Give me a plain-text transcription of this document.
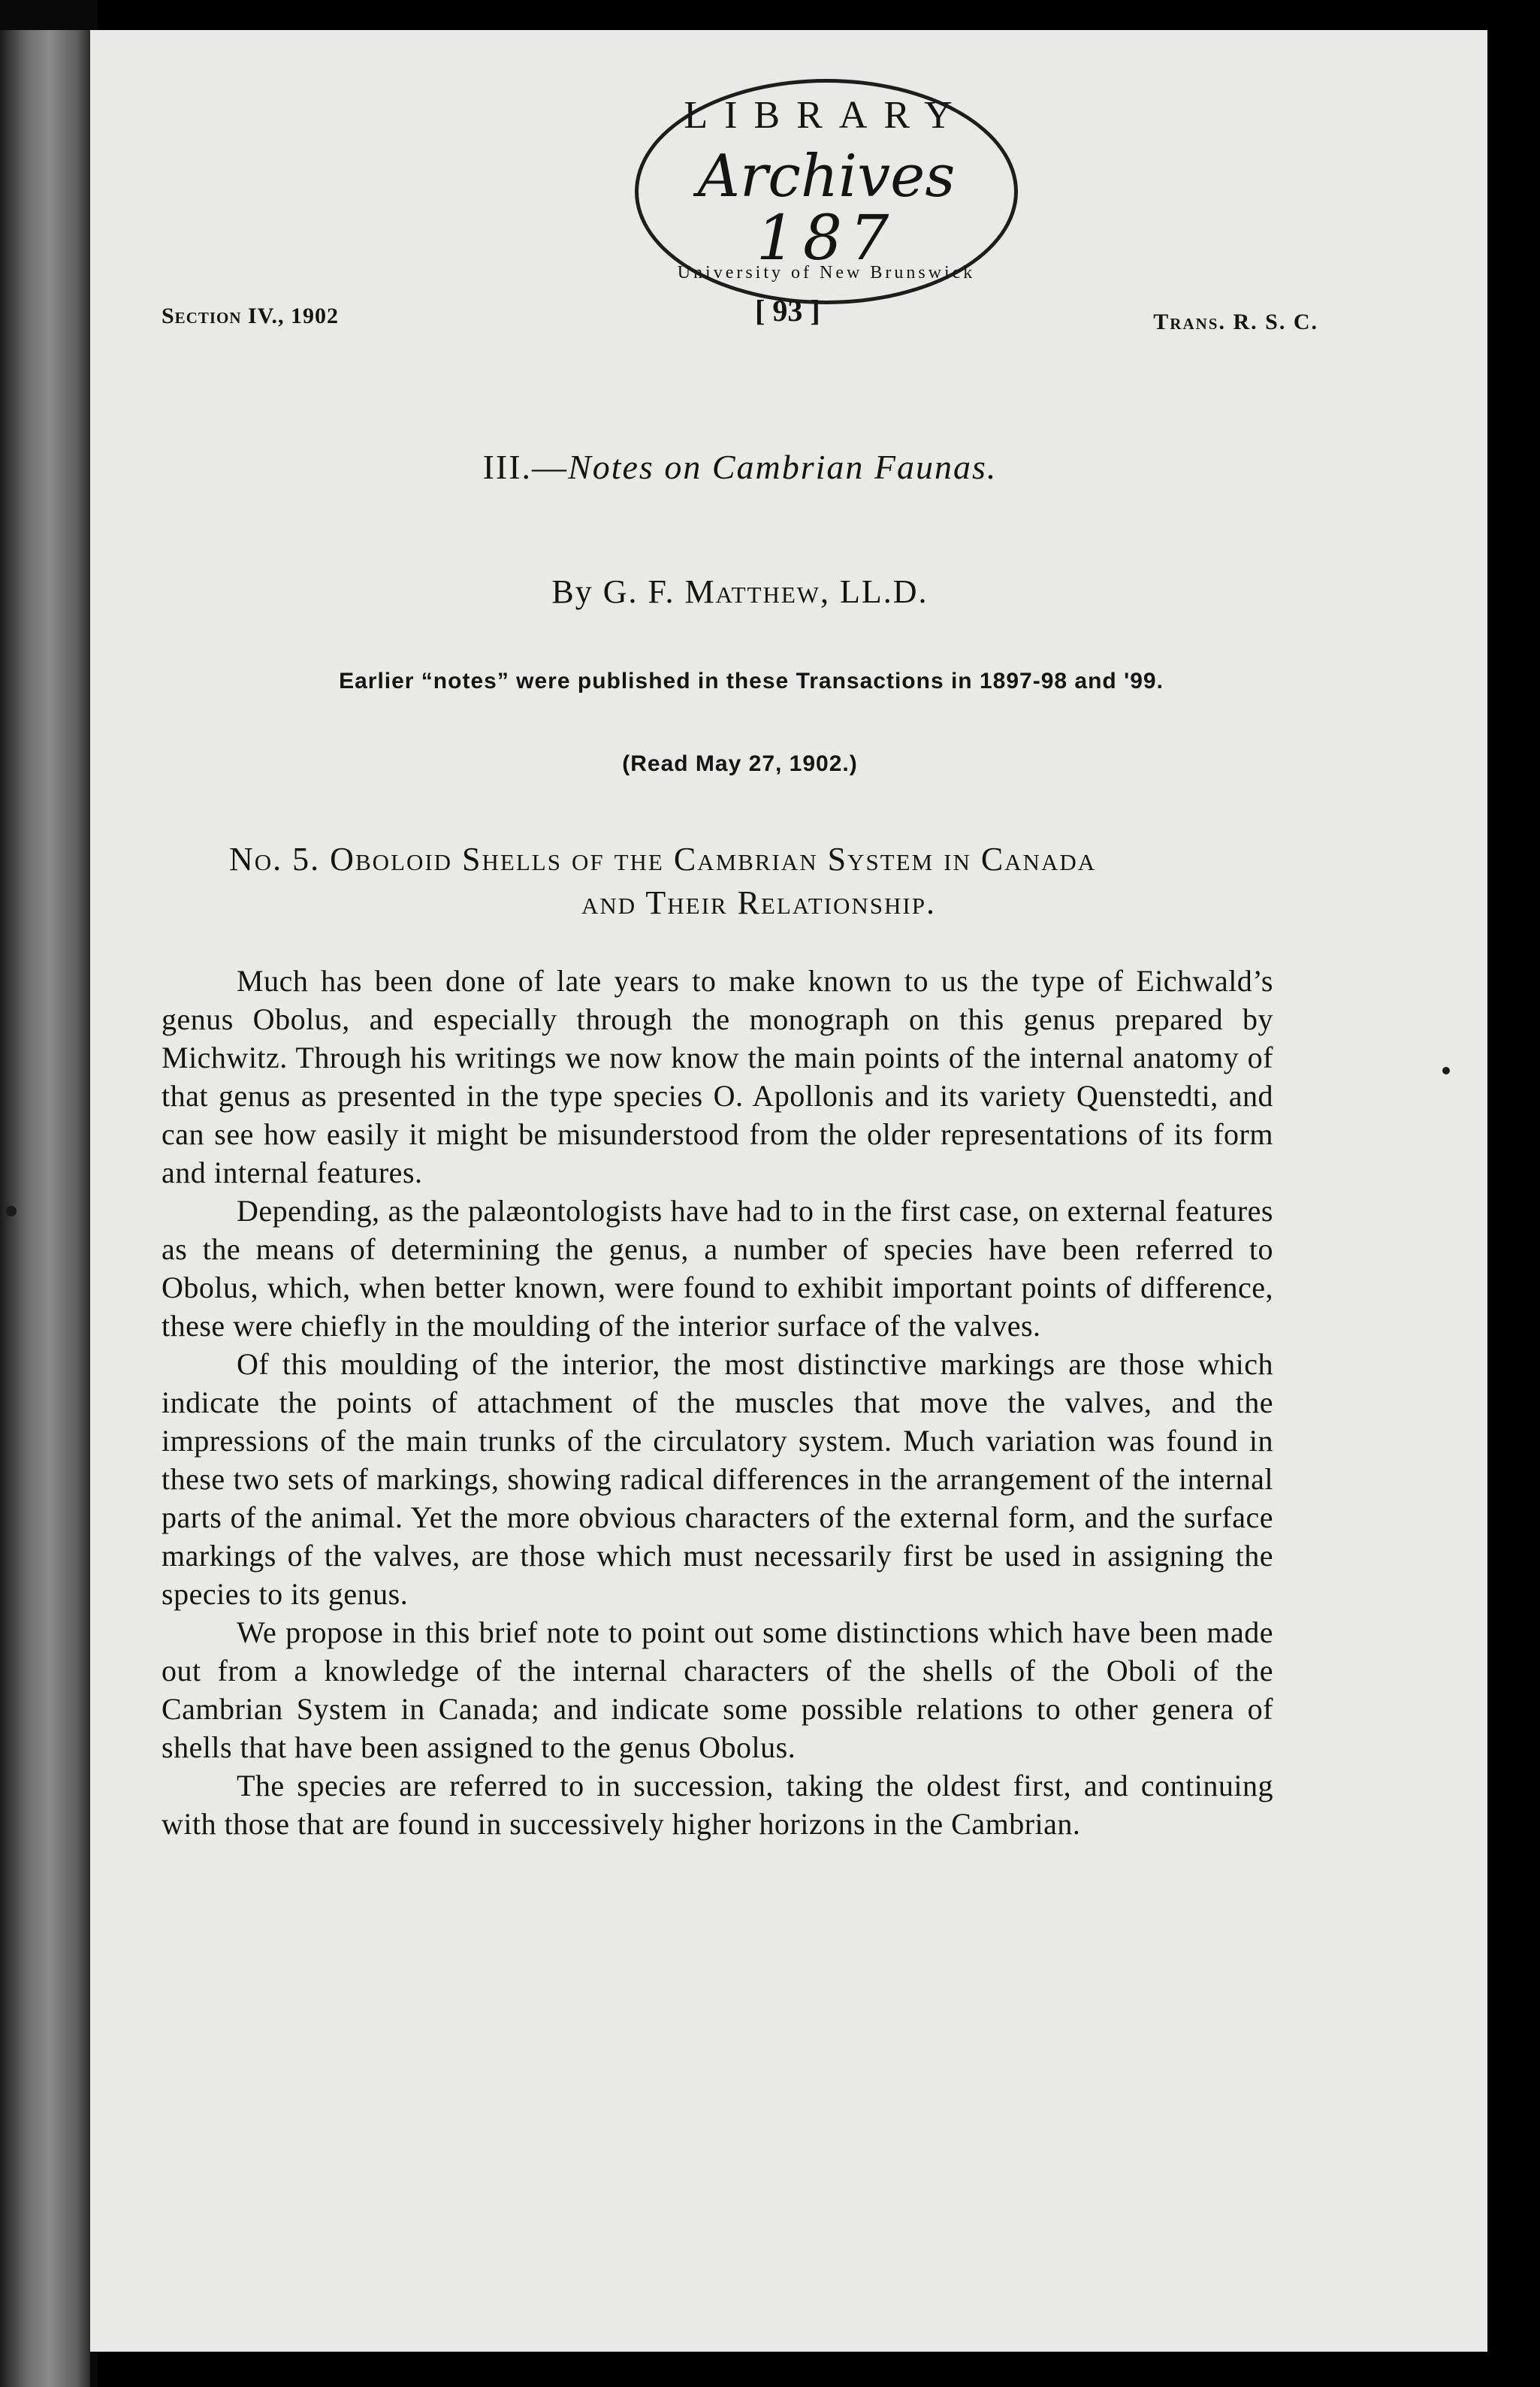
LIBRARY
Archives
187
University of New Brunswick
Section IV., 1902	[ 93 ]	Trans. R. S. C.
III.—Notes on Cambrian Faunas.
By G. F. Matthew, LL.D.
Earlier “notes” were published in these Transactions in 1897-98 and '99.
(Read May 27, 1902.)
No. 5. Oboloid Shells of the Cambrian System in Canada
and Their Relationship.

Much has been done of late years to make known to us the type of Eichwald’s genus Obolus, and especially through the monograph on this genus prepared by Michwitz. Through his writings we now know the main points of the internal anatomy of that genus as presented in the type species O. Apollonis and its variety Quenstedti, and can see how easily it might be misunderstood from the older representations of its form and internal features.

Depending, as the palæontologists have had to in the first case, on external features as the means of determining the genus, a number of species have been referred to Obolus, which, when better known, were found to exhibit important points of difference, these were chiefly in the moulding of the interior surface of the valves.

Of this moulding of the interior, the most distinctive markings are those which indicate the points of attachment of the muscles that move the valves, and the impressions of the main trunks of the circulatory system. Much variation was found in these two sets of markings, showing radical differences in the arrangement of the internal parts of the animal. Yet the more obvious characters of the external form, and the surface markings of the valves, are those which must necessarily first be used in assigning the species to its genus.

We propose in this brief note to point out some distinctions which have been made out from a knowledge of the internal characters of the shells of the Oboli of the Cambrian System in Canada; and indicate some possible relations to other genera of shells that have been assigned to the genus Obolus.

The species are referred to in succession, taking the oldest first, and continuing with those that are found in successively higher horizons in the Cambrian.
